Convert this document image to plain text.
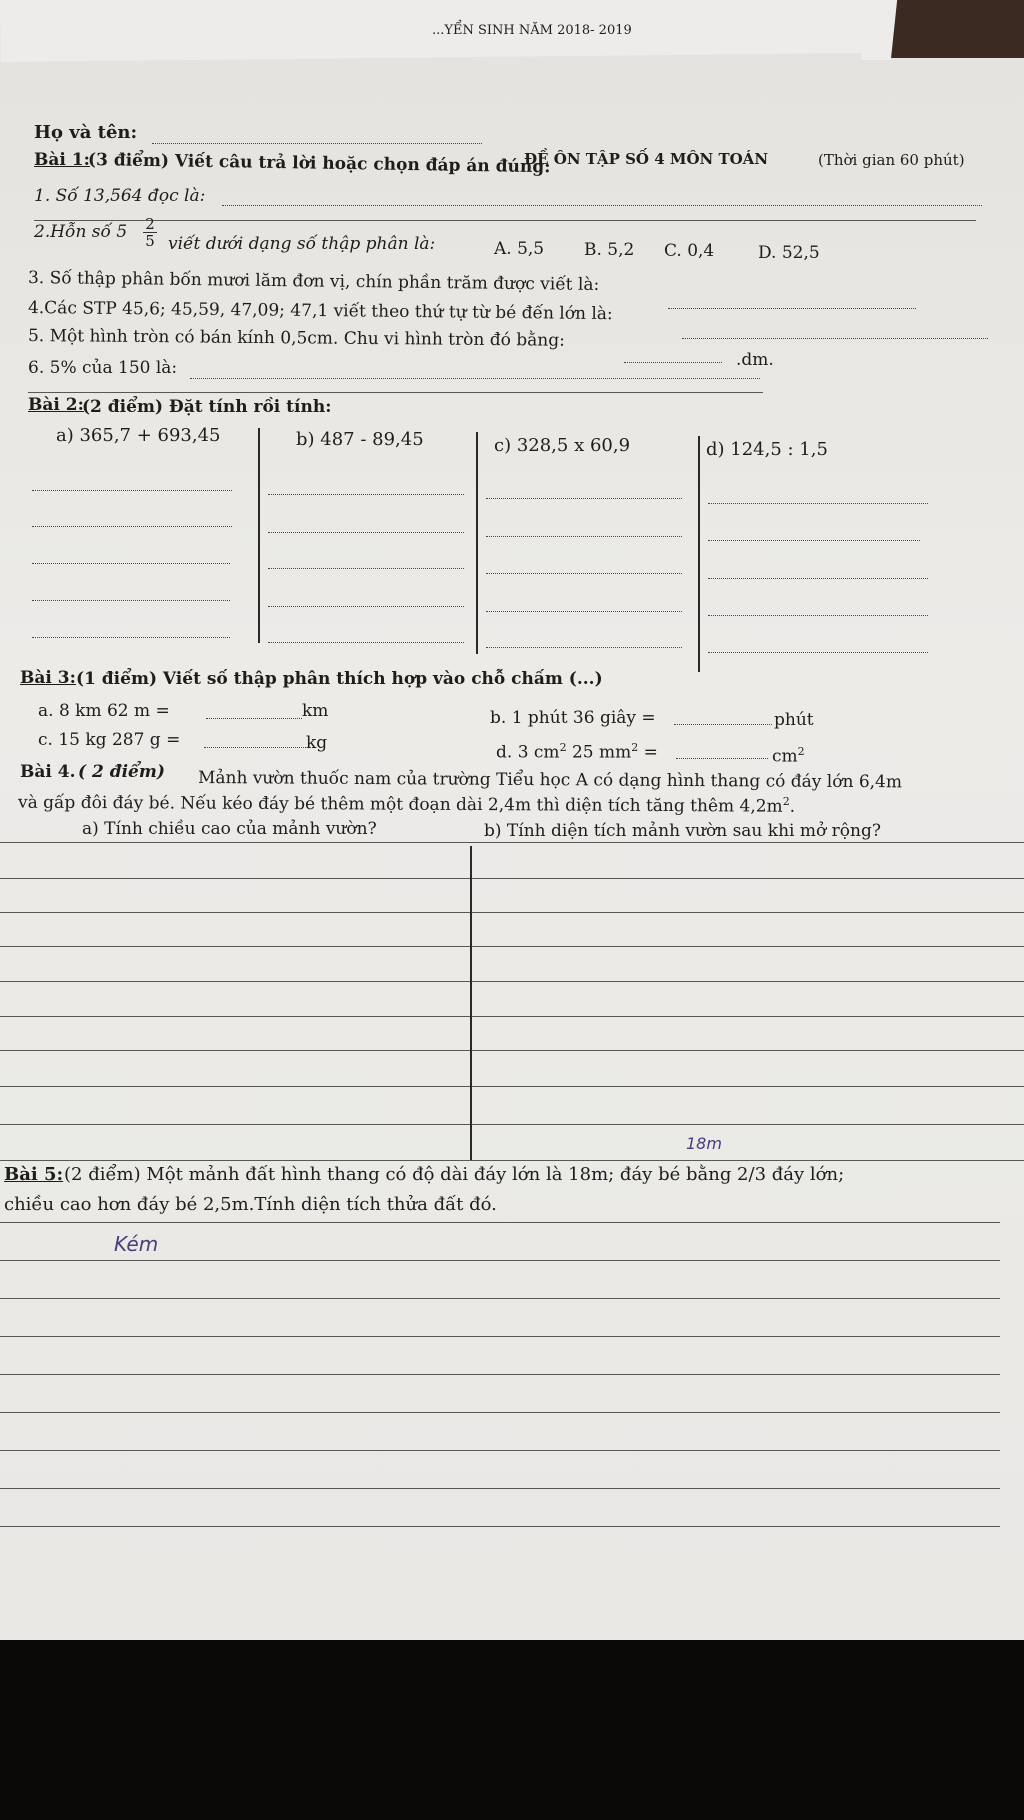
...YỂN SINH NĂM 2018- 2019
Họ và tên:
ĐỀ ÔN TẬP SỐ 4 MÔN TOÁN	(Thời gian 60 phút)
Bài 1:
(3 điểm) Viết câu trả lời hoặc chọn đáp án đúng:
1. Số 13,564 đọc là:
2.Hỗn số $5 \frac{2}{5}$ viết dưới dạng số thập phân là:	A. 5,5 B. 5,2 C. 0,4	D. 52,5
3. Số thập phân bốn mươi lăm đơn vị, chín phần trăm được viết là:
4.Các STP 45,6; 45,59, 47,09; 47,1 viết theo thứ tự từ bé đến lớn là:
5. Một hình tròn có bán kính 0,5cm. Chu vi hình tròn đó bằng:
.dm.
6. 5% của 150 là:
Bài 2:
(2 điểm) Đặt tính rồi tính:
a) 365,7 + 693,45	b) 487 - 89,45	c) 328,5 x 60,9	d) 124,5 : 1,5
Bài 3: (1 điểm) Viết số thập phân thích hợp vào chỗ chấm (...)
a. 8 km 62 m =	km	b. 1 phút 36 giây =	phút
c. 15 kg 287 g =	kg	d. 3 $cm^2$ 25 $mm^2$ =	$cm^2$
Bài 4. ( 2 điểm) Mảnh vườn thuốc nam của trường Tiểu học A có dạng hình thang có đáy lớn 6,4m
và gấp đôi đáy bé. Nếu kéo đáy bé thêm một đoạn dài 2,4m thì diện tích tăng thêm $4,2m^2$.
a) Tính chiều cao của mảnh vườn?	b) Tính diện tích mảnh vườn sau khi mở rộng?
18m
Bài 5: (2 điểm) Một mảnh đất hình thang có độ dài đáy lớn là 18m; đáy bé bằng 2/3 đáy lớn;
chiều cao hơn đáy bé 2,5m.Tính diện tích thửa đất đó.
Kém
